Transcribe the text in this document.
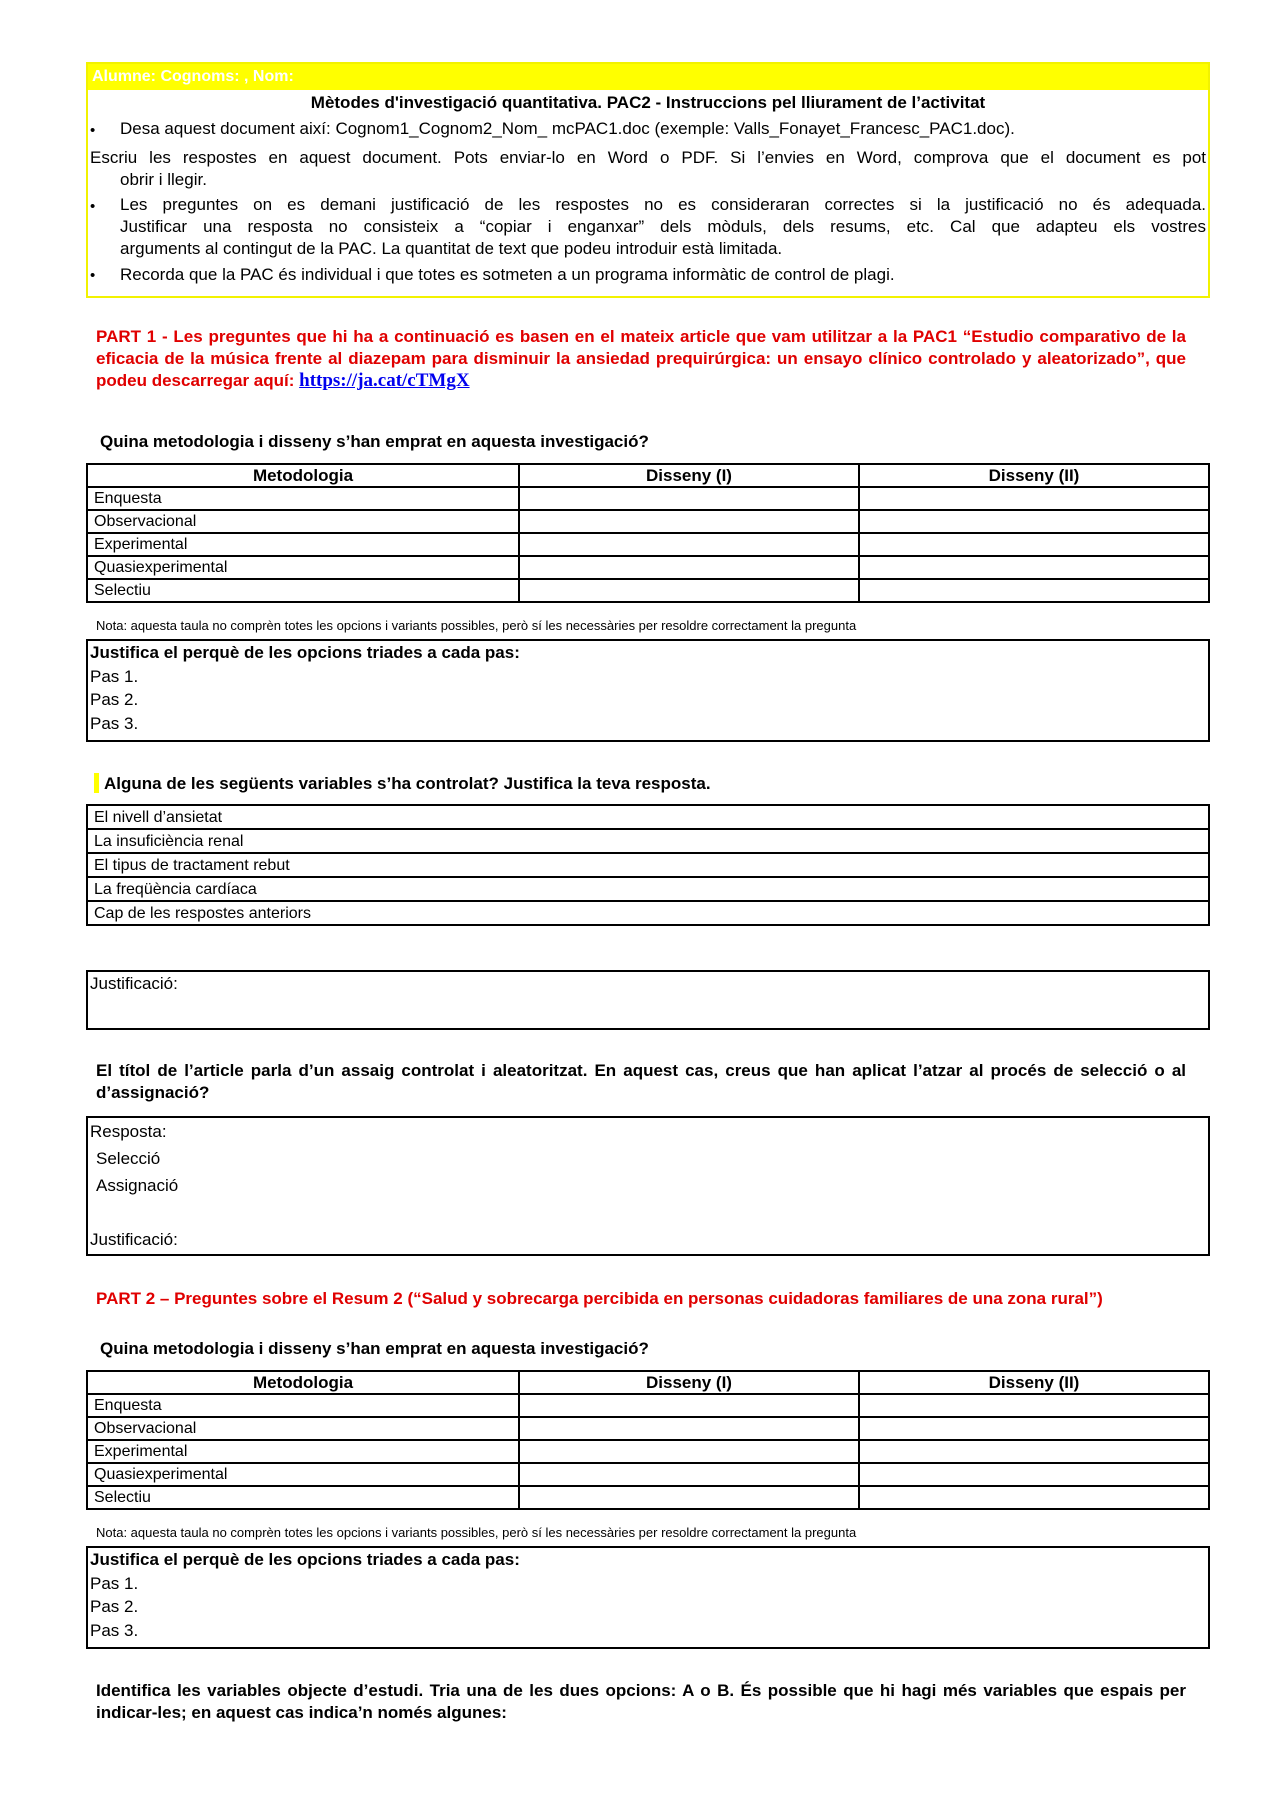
Alumne: Cognoms: , Nom:
Mètodes d'investigació quantitativa. PAC2 - Instruccions pel lliurament de l’activitat
• Desa aquest document així: Cognom1_Cognom2_Nom_ mcPAC1.doc (exemple: Valls_Fonayet_Francesc_PAC1.doc).
Escriu les respostes en aquest document. Pots enviar-lo en Word o PDF. Si l’envies en Word, comprova que el document es pot
obrir i llegir.
• Les preguntes on es demani justificació de les respostes no es consideraran correctes si la justificació no és adequada.
Justificar una resposta no consisteix a “copiar i enganxar” dels mòduls, dels resums, etc. Cal que adapteu els vostres
arguments al contingut de la PAC. La quantitat de text que podeu introduir està limitada.
• Recorda que la PAC és individual i que totes es sotmeten a un programa informàtic de control de plagi.
PART 1 - Les preguntes que hi ha a continuació es basen en el mateix article que vam utilitzar a la PAC1 “Estudio comparativo de la eficacia de la música frente al diazepam para disminuir la ansiedad prequirúrgica: un ensayo clínico controlado y aleatorizado”, que podeu descarregar aquí: https://ja.cat/cTMgX
Quina metodologia i disseny s’han emprat en aquesta investigació?
Metodologia	Disseny (I)	Disseny (II)
Enquesta		
Observacional		
Experimental		
Quasiexperimental		
Selectiu		
Nota: aquesta taula no comprèn totes les opcions i variants possibles, però sí les necessàries per resoldre correctament la pregunta
Justifica el perquè de les opcions triades a cada pas:
Pas 1.
Pas 2.
Pas 3.
Alguna de les següents variables s’ha controlat? Justifica la teva resposta.
El nivell d’ansietat
La insuficiència renal
El tipus de tractament rebut
La freqüència cardíaca
Cap de les respostes anteriors
Justificació:
El títol de l’article parla d’un assaig controlat i aleatoritzat. En aquest cas, creus que han aplicat l’atzar al procés de selecció o al d’assignació?
Resposta:
Selecció
Assignació

Justificació:
PART 2 – Preguntes sobre el Resum 2 (“Salud y sobrecarga percibida en personas cuidadoras familiares de una zona rural”)
Quina metodologia i disseny s’han emprat en aquesta investigació?
Metodologia	Disseny (I)	Disseny (II)
Enquesta		
Observacional		
Experimental		
Quasiexperimental		
Selectiu		
Nota: aquesta taula no comprèn totes les opcions i variants possibles, però sí les necessàries per resoldre correctament la pregunta
Justifica el perquè de les opcions triades a cada pas:
Pas 1.
Pas 2.
Pas 3.
Identifica les variables objecte d’estudi. Tria una de les dues opcions: A o B. És possible que hi hagi més variables que espais per indicar-les; en aquest cas indica’n només algunes:
